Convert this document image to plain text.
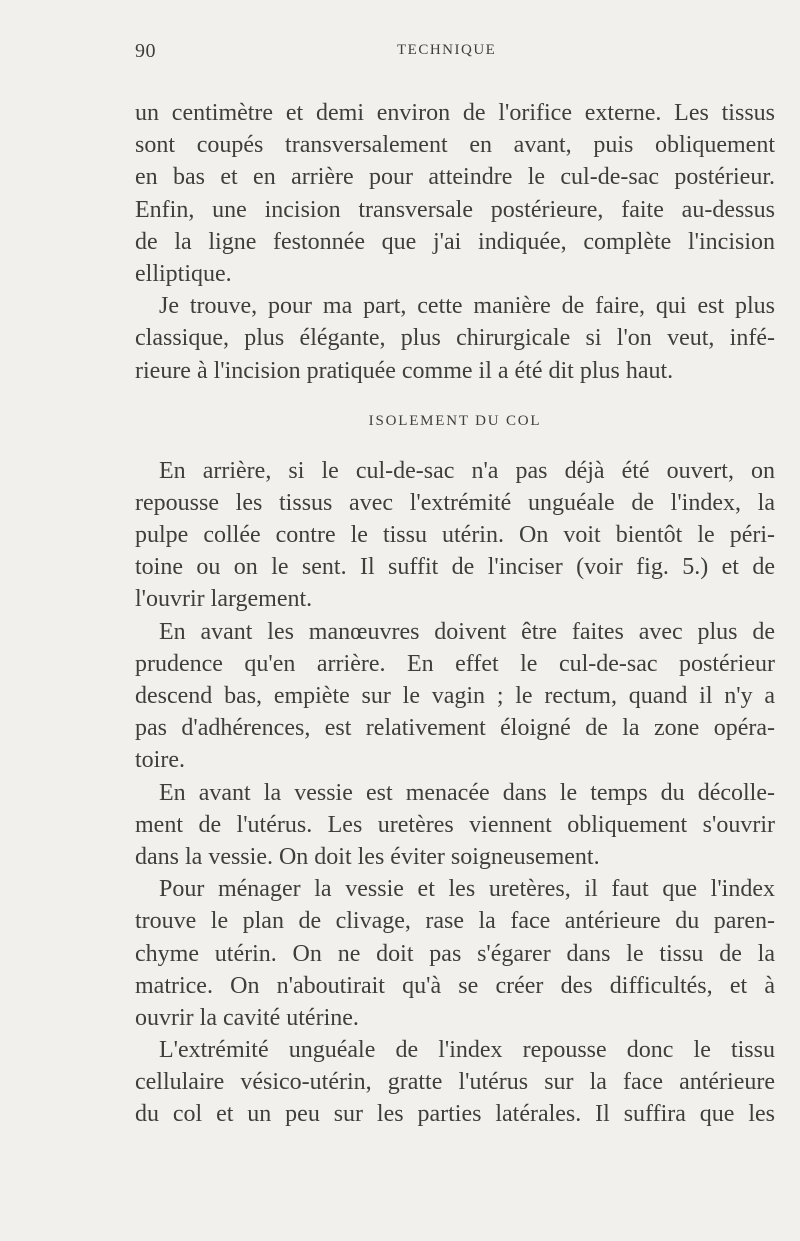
90	TECHNIQUE
un centimètre et demi environ de l'orifice externe. Les tissus
sont coupés transversalement en avant, puis obliquement
en bas et en arrière pour atteindre le cul-de-sac postérieur.
Enfin, une incision transversale postérieure, faite au-dessus
de la ligne festonnée que j'ai indiquée, complète l'incision
elliptique.
Je trouve, pour ma part, cette manière de faire, qui est plus
classique, plus élégante, plus chirurgicale si l'on veut, infé-
rieure à l'incision pratiquée comme il a été dit plus haut.
ISOLEMENT DU COL
En arrière, si le cul-de-sac n'a pas déjà été ouvert, on
repousse les tissus avec l'extrémité unguéale de l'index, la
pulpe collée contre le tissu utérin. On voit bientôt le péri-
toine ou on le sent. Il suffit de l'inciser (voir fig. 5.) et de
l'ouvrir largement.
En avant les manœuvres doivent être faites avec plus de
prudence qu'en arrière. En effet le cul-de-sac postérieur
descend bas, empiète sur le vagin ; le rectum, quand il n'y a
pas d'adhérences, est relativement éloigné de la zone opéra-
toire.
En avant la vessie est menacée dans le temps du décolle-
ment de l'utérus. Les uretères viennent obliquement s'ouvrir
dans la vessie. On doit les éviter soigneusement.
Pour ménager la vessie et les uretères, il faut que l'index
trouve le plan de clivage, rase la face antérieure du paren-
chyme utérin. On ne doit pas s'égarer dans le tissu de la
matrice. On n'aboutirait qu'à se créer des difficultés, et à
ouvrir la cavité utérine.
L'extrémité unguéale de l'index repousse donc le tissu
cellulaire vésico-utérin, gratte l'utérus sur la face antérieure
du col et un peu sur les parties latérales. Il suffira que les
